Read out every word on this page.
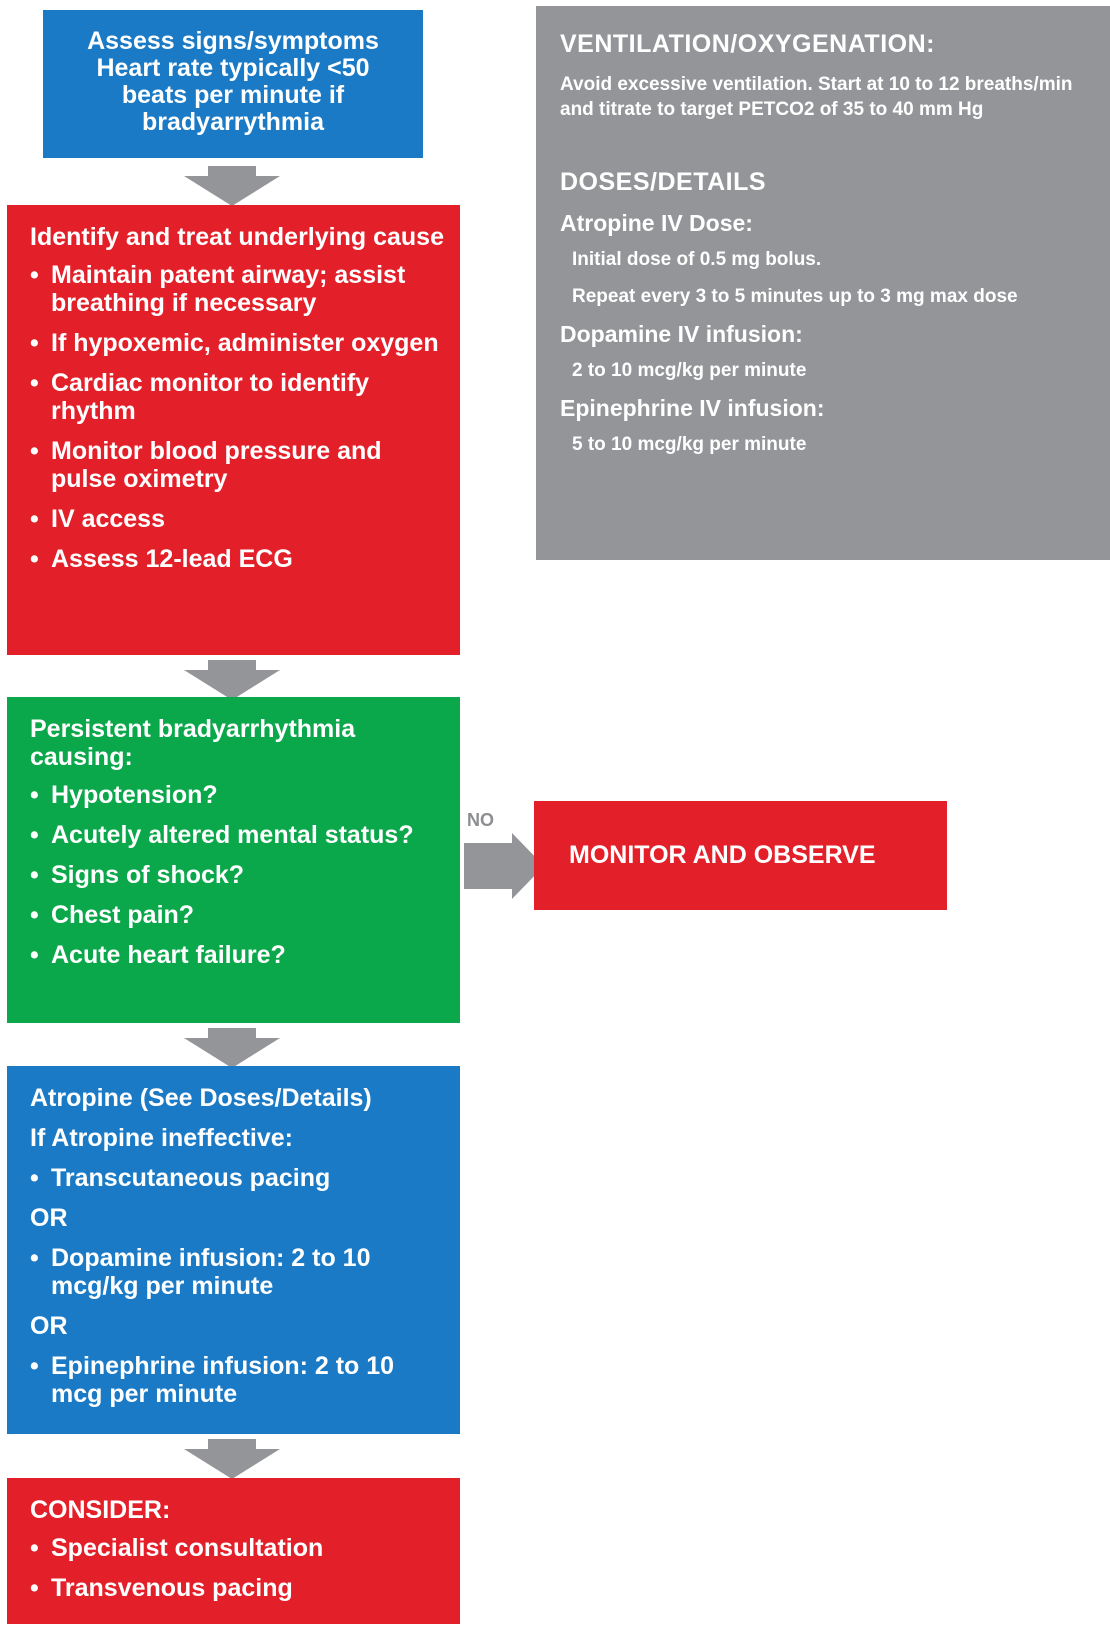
Assess signs/symptoms
Heart rate typically <50
beats per minute if
bradyarrythmia
Identify and treat underlying cause
• Maintain patent airway; assist breathing if necessary
• If hypoxemic, administer oxygen
• Cardiac monitor to identify rhythm
• Monitor blood pressure and pulse oximetry
• IV access
• Assess 12-lead ECG
Persistent bradyarrhythmia causing:
• Hypotension?
• Acutely altered mental status?
• Signs of shock?
• Chest pain?
• Acute heart failure?
NO
MONITOR AND OBSERVE
Atropine (See Doses/Details)
If Atropine ineffective:
• Transcutaneous pacing
OR
• Dopamine infusion: 2 to 10 mcg/kg per minute
OR
• Epinephrine infusion: 2 to 10 mcg per minute
CONSIDER:
• Specialist consultation
• Transvenous pacing
VENTILATION/OXYGENATION:
Avoid excessive ventilation. Start at 10 to 12 breaths/min and titrate to target PETCO2 of 35 to 40 mm Hg
DOSES/DETAILS
Atropine IV Dose:
Initial dose of 0.5 mg bolus.
Repeat every 3 to 5 minutes up to 3 mg max dose
Dopamine IV infusion:
2 to 10 mcg/kg per minute
Epinephrine IV infusion:
5 to 10 mcg/kg per minute
